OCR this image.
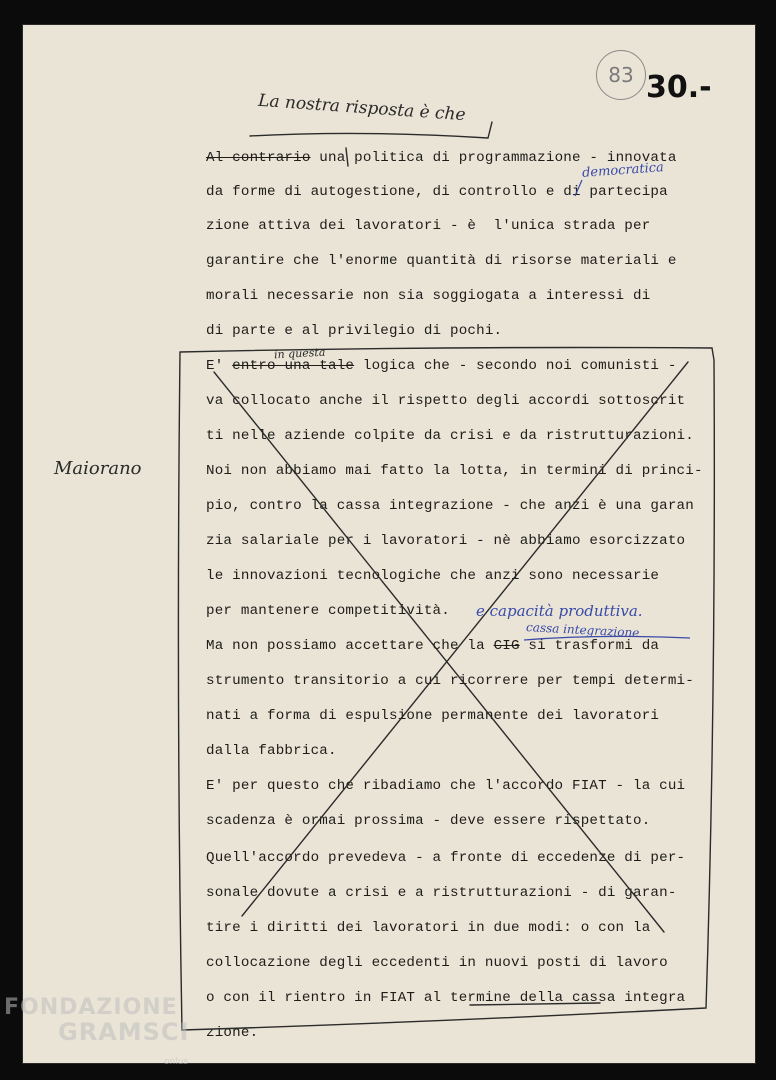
83 30.-
La nostra risposta è che
Maiorano
democratica
in questa
e capacità produttiva.
cassa integrazione
Al contrario una politica di programmazione - innovata
da forme di autogestione, di controllo e di partecipa
zione attiva dei lavoratori - è  l'unica strada per
garantire che l'enorme quantità di risorse materiali e
morali necessarie non sia soggiogata a interessi di
di parte e al privilegio di pochi.
E' entro una tale logica che - secondo noi comunisti -
va collocato anche il rispetto degli accordi sottoscrit
ti nelle aziende colpite da crisi e da ristrutturazioni.
Noi non abbiamo mai fatto la lotta, in termini di princi-
pio, contro la cassa integrazione - che anzi è una garan
zia salariale per i lavoratori - nè abbiamo esorcizzato
le innovazioni tecnologiche che anzi sono necessarie
per mantenere competitività.
Ma non possiamo accettare che la CIG si trasformi da
strumento transitorio a cui ricorrere per tempi determi-
nati a forma di espulsione permanente dei lavoratori
dalla fabbrica.
E' per questo che ribadiamo che l'accordo FIAT - la cui
scadenza è ormai prossima - deve essere rispettato.
Quell'accordo prevedeva - a fronte di eccedenze di per-
sonale dovute a crisi e a ristrutturazioni - di garan-
tire i diritti dei lavoratori in due modi: o con la
collocazione degli eccedenti in nuovi posti di lavoro
o con il rientro in FIAT al termine della cassa integra
zione.
FONDAZIONE
GRAMSCI
onlus
